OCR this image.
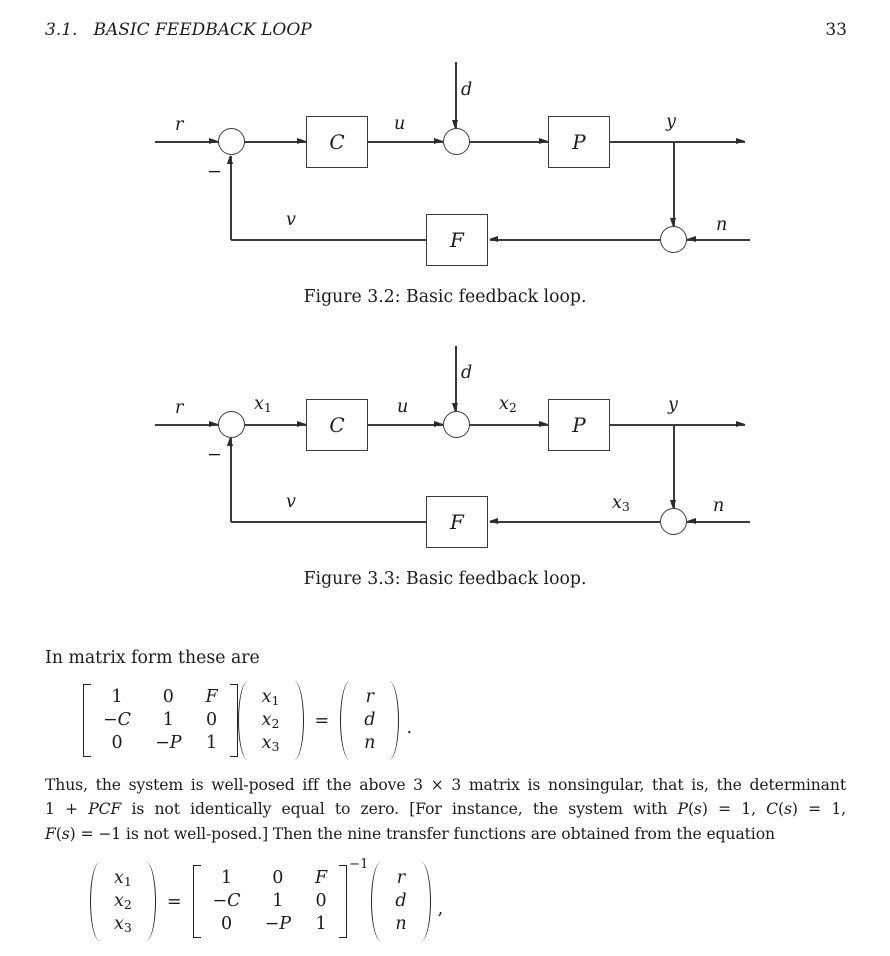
3.1. BASIC FEEDBACK LOOP	33
C	P
F
r	u
d
y
n
v
−
Figure 3.2: Basic feedback loop.
C	P
F
r	$x_1$	u
d
$x_2$	y
n
$x_3$
v
−
Figure 3.3: Basic feedback loop.
In matrix form these are
1 0 F
−C 1 0
0 −P 1
$x_1$
$x_2$
$x_3$
=
r
d
n
.
Thus, the system is well-posed iff the above 3 × 3 matrix is nonsingular, that is, the determinant
1 + PCF is not identically equal to zero. [For instance, the system with P(s) = 1, C(s) = 1,
F(s) = −1 is not well-posed.] Then the nine transfer functions are obtained from the equation
$x_1$
$x_2$
$x_3$
=
1 0 F
−C 1 0
0 −P 1
−1
r
d
n
,
